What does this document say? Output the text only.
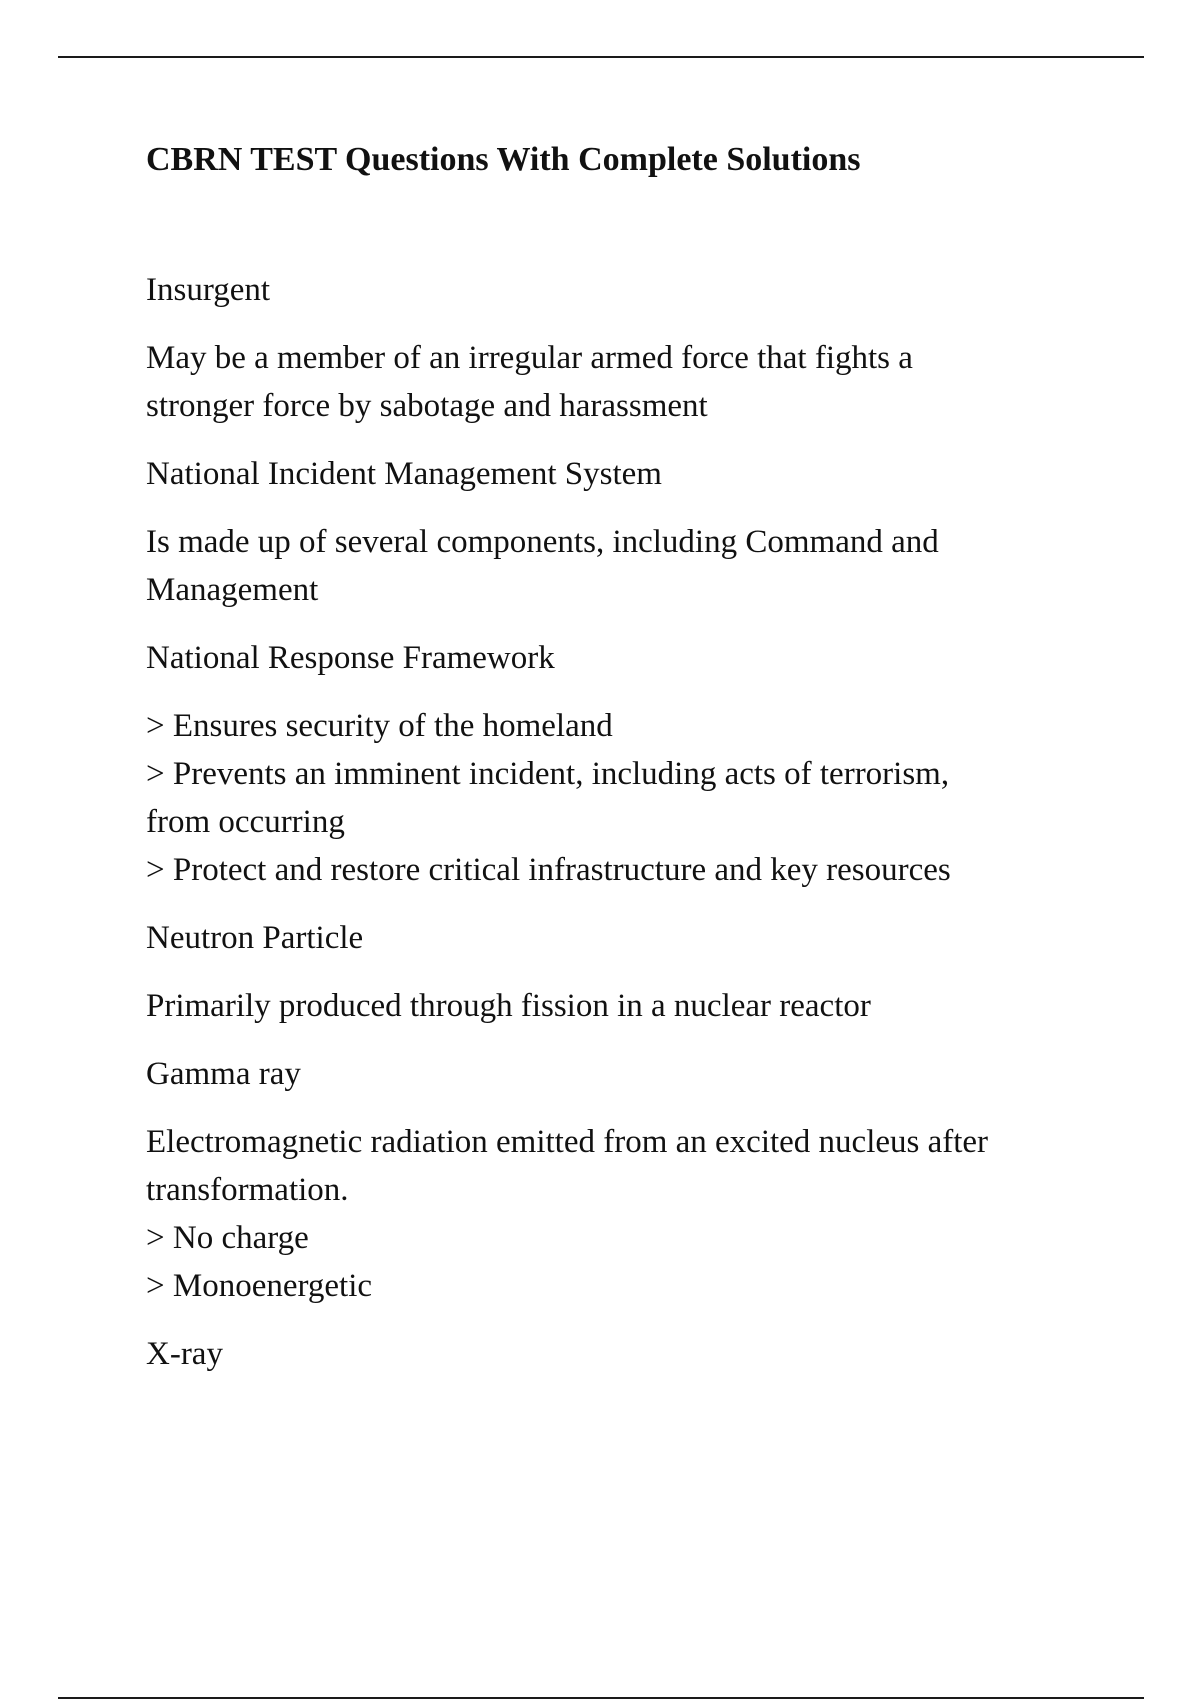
CBRN TEST Questions With Complete Solutions
Insurgent
May be a member of an irregular armed force that fights a
stronger force by sabotage and harassment
National Incident Management System
Is made up of several components, including Command and
Management
National Response Framework
> Ensures security of the homeland
> Prevents an imminent incident, including acts of terrorism,
from occurring
> Protect and restore critical infrastructure and key resources
Neutron Particle
Primarily produced through fission in a nuclear reactor
Gamma ray
Electromagnetic radiation emitted from an excited nucleus after
transformation.
> No charge
> Monoenergetic
X-ray
